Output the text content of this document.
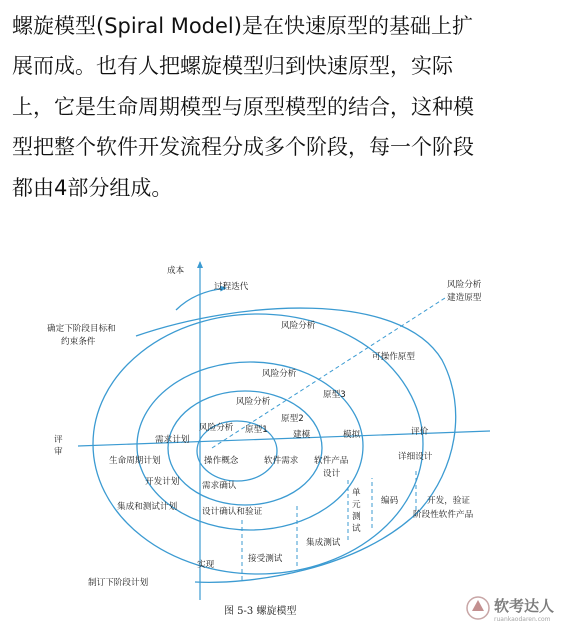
螺旋模型(Spiral Model)是在快速原型的基础上扩

展而成。也有人把螺旋模型归到快速原型，实际

上，它是生命周期模型与原型模型的结合，这种模

型把整个软件开发流程分成多个阶段，每一个阶段

都由4部分组成。

成本
过程迭代
确定下阶段目标和
约束条件
评
审
制订下阶段计划
风险分析
建造原型
风险分析
风险分析
风险分析
风险分析
可操作原型
原型1
原型2
原型3
建模	模拟	评价
需求计划
生命周期计划
开发计划
集成和测试计划
操作概念	软件需求 软件产品
设计
需求确认
设计确认和验证
详细设计
单
元
测
试
编码	开发，验证
阶段性软件产品
集成测试
接受测试
实现
图 5-3 螺旋模型	软考达人
ruankaodaren.com
